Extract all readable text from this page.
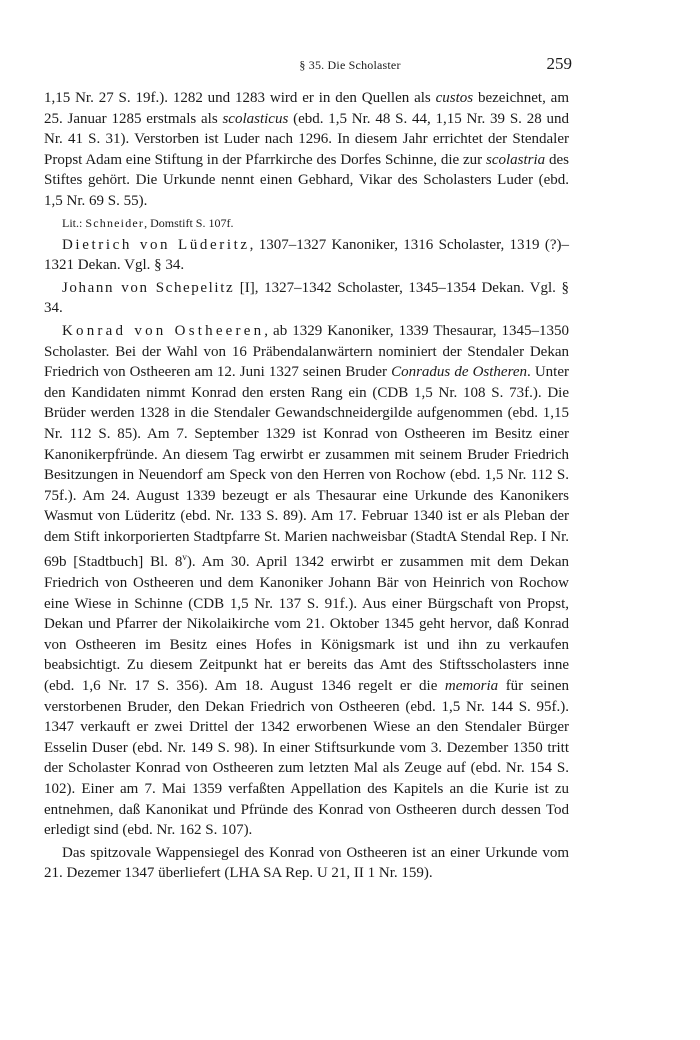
§ 35. Die Scholaster	259

1,15 Nr. 27 S. 19f.). 1282 und 1283 wird er in den Quellen als custos bezeichnet, am 25. Januar 1285 erstmals als scolasticus (ebd. 1,5 Nr. 48 S. 44, 1,15 Nr. 39 S. 28 und Nr. 41 S. 31). Verstorben ist Luder nach 1296. In diesem Jahr errichtet der Stendaler Propst Adam eine Stiftung in der Pfarrkirche des Dorfes Schinne, die zur scolastria des Stiftes gehört. Die Urkunde nennt einen Gebhard, Vikar des Scholasters Luder (ebd. 1,5 Nr. 69 S. 55).

Lit.: Schneider, Domstift S. 107f.

Dietrich von Lüderitz, 1307–1327 Kanoniker, 1316 Scholaster, 1319 (?)–1321 Dekan. Vgl. § 34.

Johann von Schepelitz [I], 1327–1342 Scholaster, 1345–1354 Dekan. Vgl. § 34.

Konrad von Ostheeren, ab 1329 Kanoniker, 1339 Thesaurar, 1345–1350 Scholaster. Bei der Wahl von 16 Präbendalanwärtern nominiert der Stendaler Dekan Friedrich von Ostheeren am 12. Juni 1327 seinen Bruder Conradus de Ostheren. Unter den Kandidaten nimmt Konrad den ersten Rang ein (CDB 1,5 Nr. 108 S. 73f.). Die Brüder werden 1328 in die Stendaler Gewandschneidergilde aufgenommen (ebd. 1,15 Nr. 112 S. 85). Am 7. September 1329 ist Konrad von Ostheeren im Besitz einer Kanonikerpfründe. An diesem Tag erwirbt er zusammen mit seinem Bruder Friedrich Besitzungen in Neuendorf am Speck von den Herren von Rochow (ebd. 1,5 Nr. 112 S. 75f.). Am 24. August 1339 bezeugt er als Thesaurar eine Urkunde des Kanonikers Wasmut von Lüderitz (ebd. Nr. 133 S. 89). Am 17. Februar 1340 ist er als Pleban der dem Stift inkorporierten Stadtpfarre St. Marien nachweisbar (StadtA Stendal Rep. I Nr. 69b [Stadtbuch] Bl. 8$^v$). Am 30. April 1342 erwirbt er zusammen mit dem Dekan Friedrich von Ostheeren und dem Kanoniker Johann Bär von Heinrich von Rochow eine Wiese in Schinne (CDB 1,5 Nr. 137 S. 91f.). Aus einer Bürgschaft von Propst, Dekan und Pfarrer der Nikolaikirche vom 21. Oktober 1345 geht hervor, daß Konrad von Ostheeren im Besitz eines Hofes in Königsmark ist und ihn zu verkaufen beabsichtigt. Zu diesem Zeitpunkt hat er bereits das Amt des Stiftsscholasters inne (ebd. 1,6 Nr. 17 S. 356). Am 18. August 1346 regelt er die memoria für seinen verstorbenen Bruder, den Dekan Friedrich von Ostheeren (ebd. 1,5 Nr. 144 S. 95f.). 1347 verkauft er zwei Drittel der 1342 erworbenen Wiese an den Stendaler Bürger Esselin Duser (ebd. Nr. 149 S. 98). In einer Stiftsurkunde vom 3. Dezember 1350 tritt der Scholaster Konrad von Ostheeren zum letzten Mal als Zeuge auf (ebd. Nr. 154 S. 102). Einer am 7. Mai 1359 verfaßten Appellation des Kapitels an die Kurie ist zu entnehmen, daß Kanonikat und Pfründe des Konrad von Ostheeren durch dessen Tod erledigt sind (ebd. Nr. 162 S. 107).

Das spitzovale Wappensiegel des Konrad von Ostheeren ist an einer Urkunde vom 21. Dezemer 1347 überliefert (LHA SA Rep. U 21, II 1 Nr. 159).
